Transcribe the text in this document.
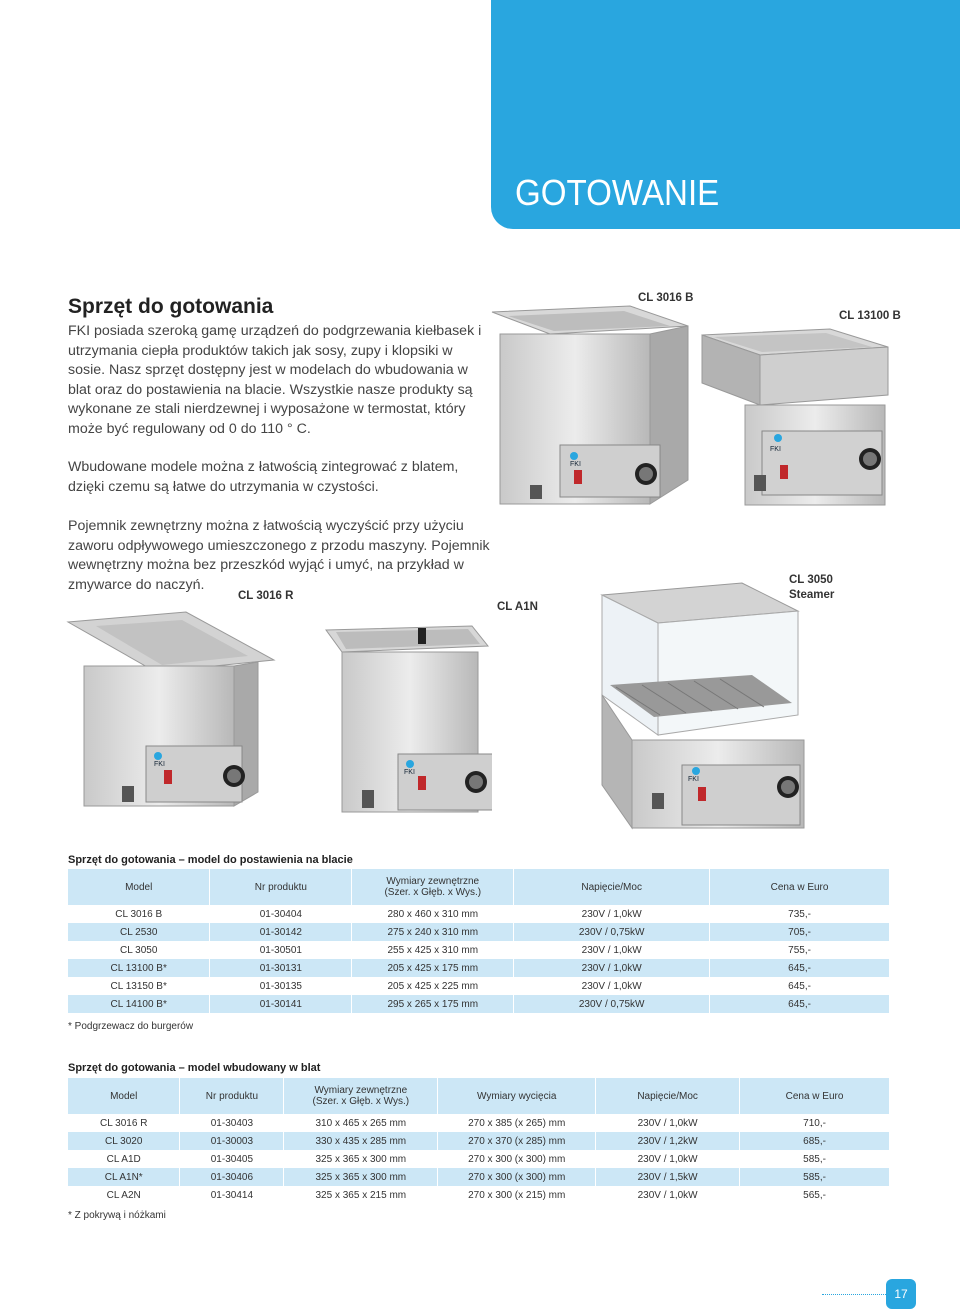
GOTOWANIE
Sprzęt do gotowania

FKI posiada szeroką gamę urządzeń do podgrzewania kiełbasek i utrzymania ciepła produktów takich jak sosy, zupy i klopsiki w sosie. Nasz sprzęt dostępny jest w modelach do wbudowania w blat oraz do postawienia na blacie. Wszystkie nasze produkty są wykonane ze stali nierdzewnej i wyposażone w termostat, który może być regulowany od 0 do 110 ° C.

Wbudowane modele można z łatwością zintegrować z blatem, dzięki czemu są łatwe do utrzymania w czystości.

Pojemnik zewnętrzny można z łatwością wyczyścić przy użyciu zaworu odpływowego umieszczonego z przodu maszyny. Pojemnik wewnętrzny można bez przeszkód wyjąć i umyć, na przykład w zmywarce do naczyń.

CL 3016 B
CL 13100 B
CL 3016 R
CL A1N
CL 3050
Steamer
FKI
FKI
FKI
FKI
FKI
Sprzęt do gotowania – model do postawienia na blacie
Model	Nr produktu	Wymiary zewnętrzne
(Szer. x Głęb. x Wys.)	Napięcie/Moc	Cena w Euro
CL 3016 B	01-30404	280 x 460 x 310 mm	230V / 1,0kW	735,-
CL 2530	01-30142	275 x 240 x 310 mm	230V / 0,75kW	705,-
CL 3050	01-30501	255 x 425 x 310 mm	230V / 1,0kW	755,-
CL 13100 B*	01-30131	205 x 425 x 175 mm	230V / 1,0kW	645,-
CL 13150 B*	01-30135	205 x 425 x 225 mm	230V / 1,0kW	645,-
CL 14100 B*	01-30141	295 x 265 x 175 mm	230V / 0,75kW	645,-
* Podgrzewacz do burgerów
Sprzęt do gotowania – model wbudowany w blat
Model	Nr produktu	Wymiary zewnętrzne
(Szer. x Głęb. x Wys.)	Wymiary wycięcia	Napięcie/Moc	Cena w Euro
CL 3016 R	01-30403	310 x 465 x 265 mm	270 x 385 (x 265) mm	230V / 1,0kW	710,-
CL 3020	01-30003	330 x 435 x 285 mm	270 x 370 (x 285) mm	230V / 1,2kW	685,-
CL A1D	01-30405	325 x 365 x 300 mm	270 x 300 (x 300) mm	230V / 1,0kW	585,-
CL A1N*	01-30406	325 x 365 x 300 mm	270 x 300 (x 300) mm	230V / 1,5kW	585,-
CL A2N	01-30414	325 x 365 x 215 mm	270 x 300 (x 215) mm	230V / 1,0kW	565,-
* Z pokrywą i nóżkami
17
